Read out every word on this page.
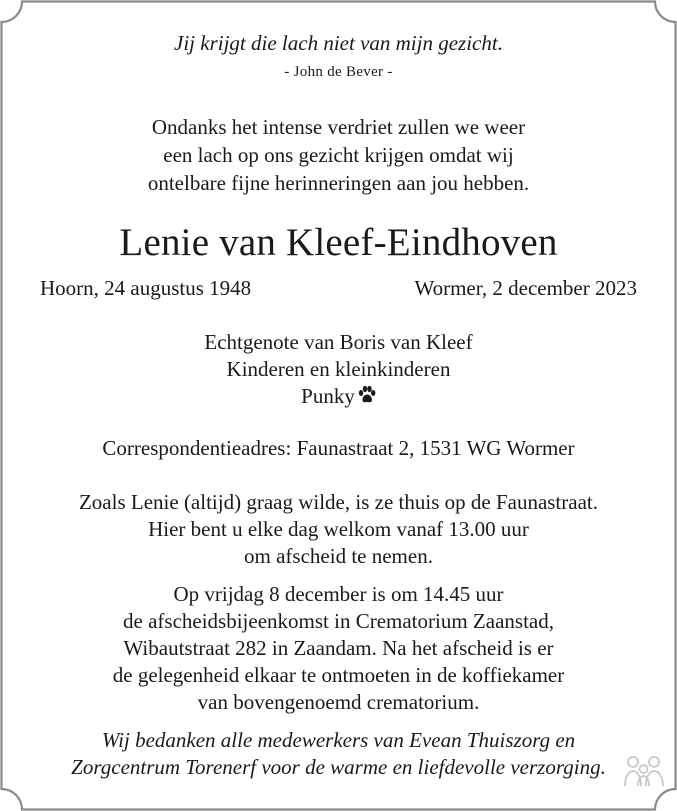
Jij krijgt die lach niet van mijn gezicht.
- John de Bever -
Ondanks het intense verdriet zullen we weer
een lach op ons gezicht krijgen omdat wij
ontelbare fijne herinneringen aan jou hebben.
Lenie van Kleef-Eindhoven
Hoorn, 24 augustus 1948	Wormer, 2 december 2023
Echtgenote van Boris van Kleef
Kinderen en kleinkinderen
Punky
Correspondentieadres: Faunastraat 2, 1531 WG Wormer
Zoals Lenie (altijd) graag wilde, is ze thuis op de Faunastraat.
Hier bent u elke dag welkom vanaf 13.00 uur
om afscheid te nemen.
Op vrijdag 8 december is om 14.45 uur
de afscheidsbijeenkomst in Crematorium Zaanstad,
Wibautstraat 282 in Zaandam. Na het afscheid is er
de gelegenheid elkaar te ontmoeten in de koffiekamer
van bovengenoemd crematorium.
Wij bedanken alle medewerkers van Evean Thuiszorg en
Zorgcentrum Torenerf voor de warme en liefdevolle verzorging.
